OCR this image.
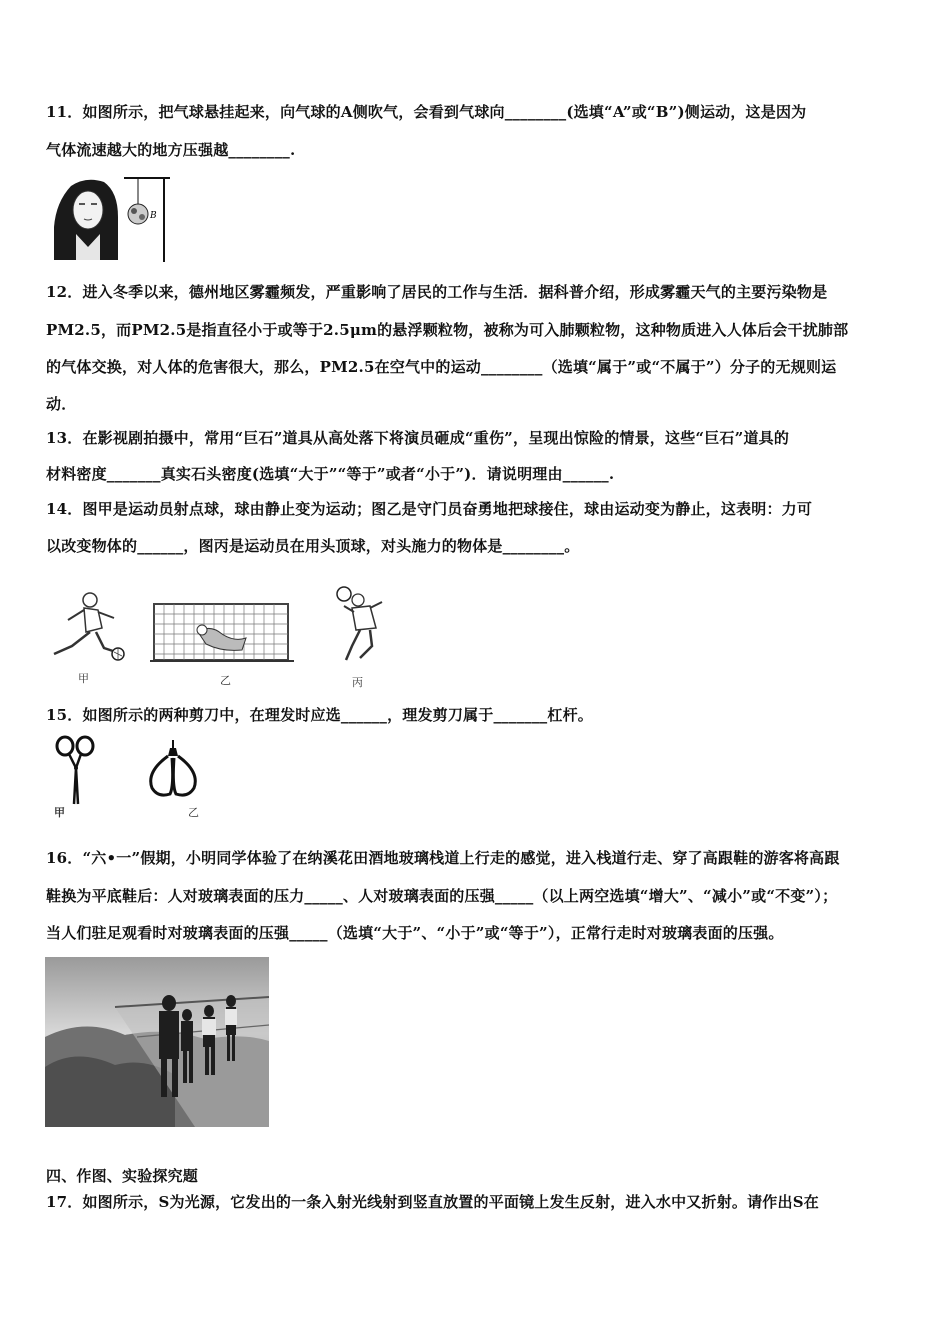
11．如图所示，把气球悬挂起来，向气球的A侧吹气，会看到气球向________(选填“A”或“B”)侧运动，这是因为
气体流速越大的地方压强越________.
B
12．进入冬季以来，德州地区雾霾频发，严重影响了居民的工作与生活．据科普介绍，形成雾霾天气的主要污染物是
PM2.5，而PM2.5是指直径小于或等于2.5μm的悬浮颗粒物，被称为可入肺颗粒物，这种物质进入人体后会干扰肺部
的气体交换，对人体的危害很大，那么，PM2.5在空气中的运动________（选填“属于”或“不属于”）分子的无规则运
动．
13．在影视剧拍摄中，常用“巨石”道具从高处落下将演员砸成“重伤”，呈现出惊险的情景，这些“巨石”道具的
材料密度_______真实石头密度(选填“大于”“等于”或者“小于”)．请说明理由______.
14．图甲是运动员射点球，球由静止变为运动；图乙是守门员奋勇地把球接住，球由运动变为静止，这表明：力可
以改变物体的______，图丙是运动员在用头顶球，对头施力的物体是________。
甲	乙	丙
15．如图所示的两种剪刀中，在理发时应选______，理发剪刀属于_______杠杆。
甲	乙
16．“六•一”假期，小明同学体验了在纳溪花田酒地玻璃栈道上行走的感觉，进入栈道行走、穿了高跟鞋的游客将高跟
鞋换为平底鞋后：人对玻璃表面的压力_____、人对玻璃表面的压强_____（以上两空选填“增大”、“减小”或“不变”）；
当人们驻足观看时对玻璃表面的压强_____（选填“大于”、“小于”或“等于”），正常行走时对玻璃表面的压强。
四、作图、实验探究题
17．如图所示，S为光源，它发出的一条入射光线射到竖直放置的平面镜上发生反射，进入水中又折射。请作出S在
